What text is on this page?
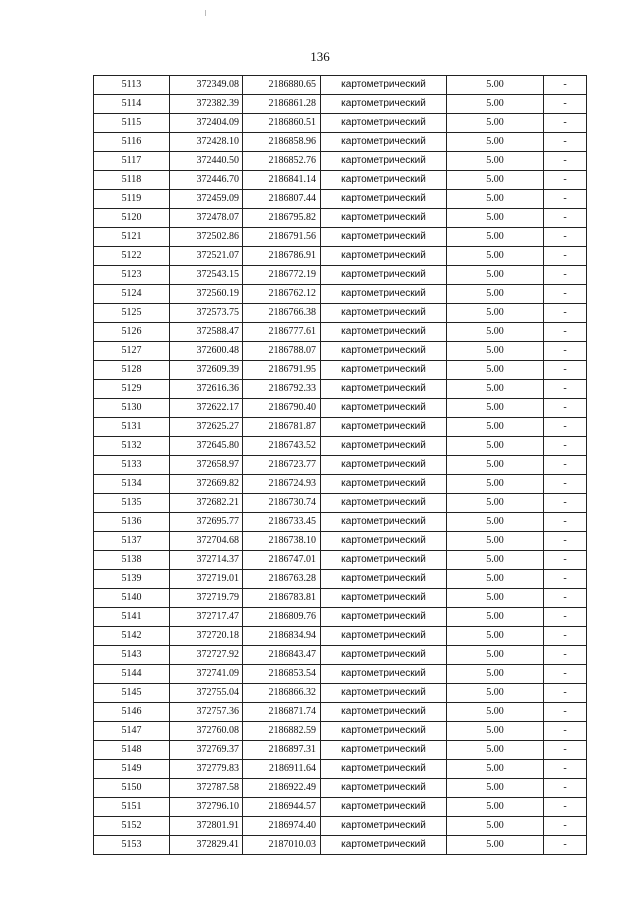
136
5113	372349.08	2186880.65	картометрический	5.00	-
5114	372382.39	2186861.28	картометрический	5.00	-
5115	372404.09	2186860.51	картометрический	5.00	-
5116	372428.10	2186858.96	картометрический	5.00	-
5117	372440.50	2186852.76	картометрический	5.00	-
5118	372446.70	2186841.14	картометрический	5.00	-
5119	372459.09	2186807.44	картометрический	5.00	-
5120	372478.07	2186795.82	картометрический	5.00	-
5121	372502.86	2186791.56	картометрический	5.00	-
5122	372521.07	2186786.91	картометрический	5.00	-
5123	372543.15	2186772.19	картометрический	5.00	-
5124	372560.19	2186762.12	картометрический	5.00	-
5125	372573.75	2186766.38	картометрический	5.00	-
5126	372588.47	2186777.61	картометрический	5.00	-
5127	372600.48	2186788.07	картометрический	5.00	-
5128	372609.39	2186791.95	картометрический	5.00	-
5129	372616.36	2186792.33	картометрический	5.00	-
5130	372622.17	2186790.40	картометрический	5.00	-
5131	372625.27	2186781.87	картометрический	5.00	-
5132	372645.80	2186743.52	картометрический	5.00	-
5133	372658.97	2186723.77	картометрический	5.00	-
5134	372669.82	2186724.93	картометрический	5.00	-
5135	372682.21	2186730.74	картометрический	5.00	-
5136	372695.77	2186733.45	картометрический	5.00	-
5137	372704.68	2186738.10	картометрический	5.00	-
5138	372714.37	2186747.01	картометрический	5.00	-
5139	372719.01	2186763.28	картометрический	5.00	-
5140	372719.79	2186783.81	картометрический	5.00	-
5141	372717.47	2186809.76	картометрический	5.00	-
5142	372720.18	2186834.94	картометрический	5.00	-
5143	372727.92	2186843.47	картометрический	5.00	-
5144	372741.09	2186853.54	картометрический	5.00	-
5145	372755.04	2186866.32	картометрический	5.00	-
5146	372757.36	2186871.74	картометрический	5.00	-
5147	372760.08	2186882.59	картометрический	5.00	-
5148	372769.37	2186897.31	картометрический	5.00	-
5149	372779.83	2186911.64	картометрический	5.00	-
5150	372787.58	2186922.49	картометрический	5.00	-
5151	372796.10	2186944.57	картометрический	5.00	-
5152	372801.91	2186974.40	картометрический	5.00	-
5153	372829.41	2187010.03	картометрический	5.00	-
